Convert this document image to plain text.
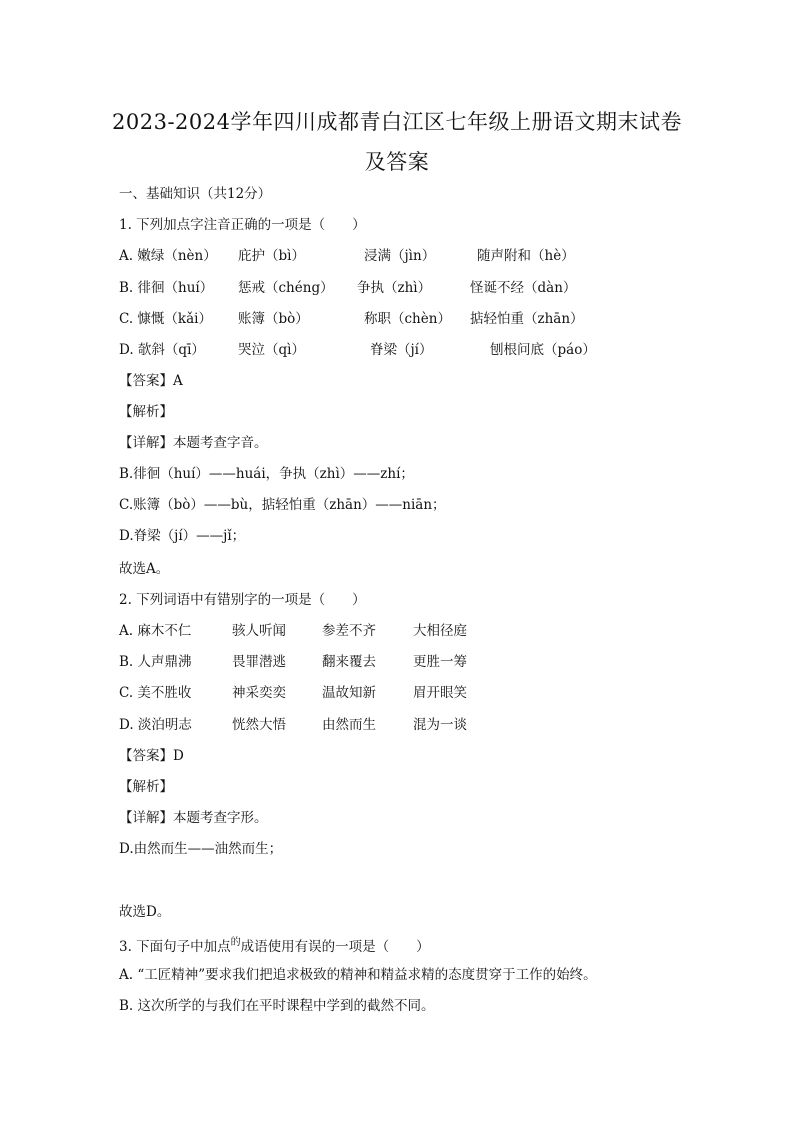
2023-2024学年四川成都青白江区七年级上册语文期末试卷
及答案
一、基础知识（共12分）
1. 下列加点字注音正确的一项是（　　）
A. 嫩绿（nèn） 庇护（bì）	浸满（jìn）	随声附和（hè）
B. 徘徊（huí） 惩戒（chéng） 争执（zhì）	怪诞不经（dàn）
C. 慷慨（kǎi） 账簿（bò）	称职（chèn） 掂轻怕重（zhān）
D. 欹斜（qī） 哭泣（qì）	脊梁（jí）	刨根问底（páo）
【答案】A
【解析】
【详解】本题考查字音。
B.徘徊（huí）——huái，争执（zhì）——zhí；
C.账簿（bò）——bù，掂轻怕重（zhān）——niān；
D.脊梁（jí）——jǐ；
故选A。
2. 下列词语中有错别字的一项是（　　）
A. 麻木不仁	骇人听闻	参差不齐	大相径庭
B. 人声鼎沸	畏罪潜逃	翻来覆去	更胜一筹
C. 美不胜收	神采奕奕	温故知新	眉开眼笑
D. 淡泊明志	恍然大悟	由然而生	混为一谈
【答案】D
【解析】
【详解】本题考查字形。
D.由然而生——油然而生；
故选D。
3. 下面句子中加点$^的$成语使用有误的一项是（　　）
A. “工匠精神”要求我们把追求极致的精神和精益求精的态度贯穿于工作的始终。
B. 这次所学的与我们在平时课程中学到的截然不同。
